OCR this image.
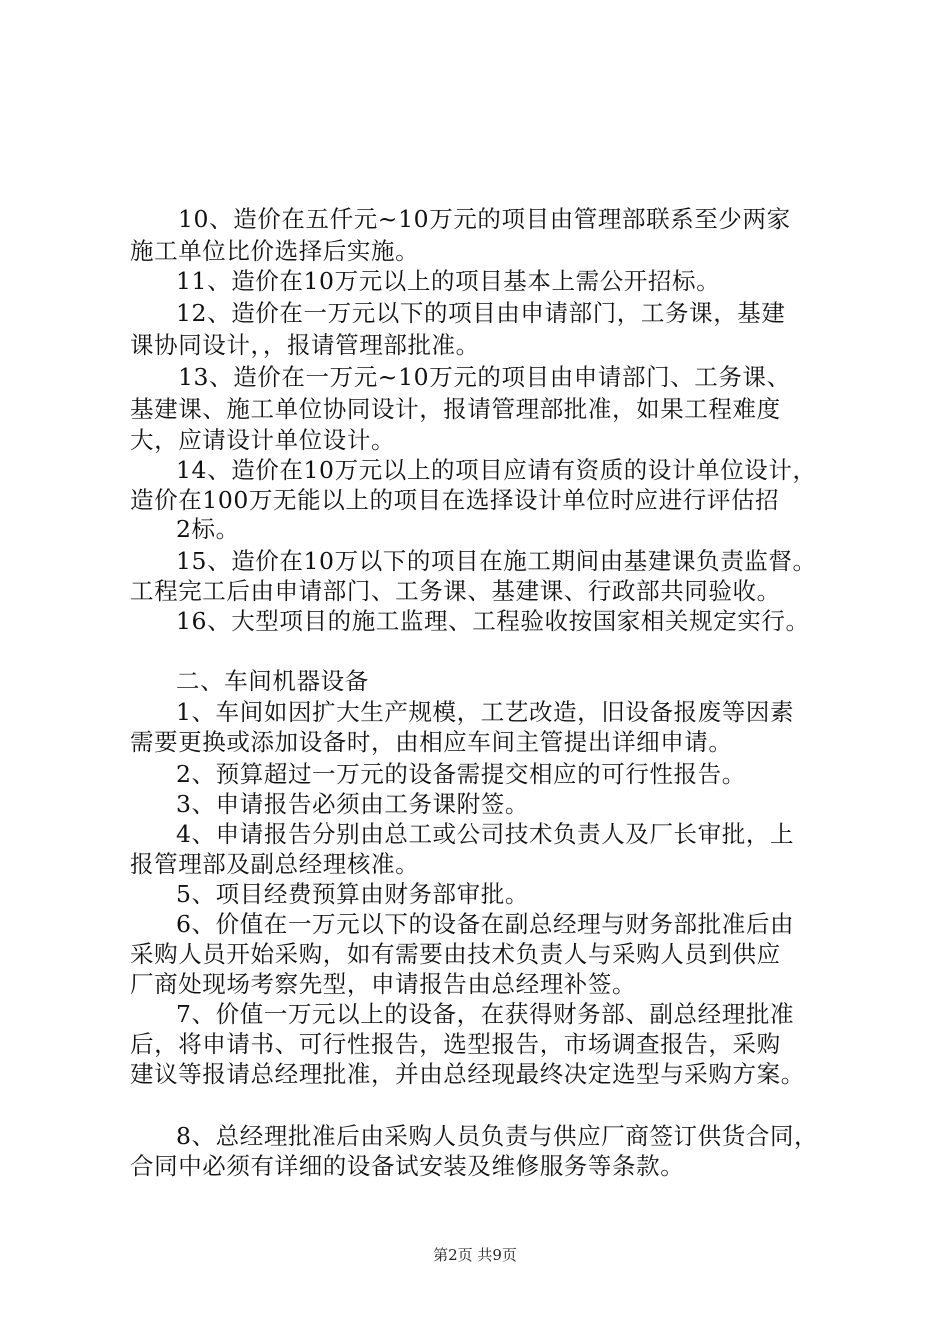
10、造价在五仟元~10万元的项目由管理部联系至少两家
施工单位比价选择后实施。
11、造价在10万元以上的项目基本上需公开招标。
12、造价在一万元以下的项目由申请部门，工务课，基建
课协同设计，，报请管理部批准。
13、造价在一万元~10万元的项目由申请部门、工务课、
基建课、施工单位协同设计，报请管理部批准，如果工程难度
大，应请设计单位设计。
14、造价在10万元以上的项目应请有资质的设计单位设计，
造价在100万无能以上的项目在选择设计单位时应进行评估招
2标。
15、造价在10万以下的项目在施工期间由基建课负责监督。
工程完工后由申请部门、工务课、基建课、行政部共同验收。
16、大型项目的施工监理、工程验收按国家相关规定实行。
二、车间机器设备
1、车间如因扩大生产规模，工艺改造，旧设备报废等因素
需要更换或添加设备时，由相应车间主管提出详细申请。
2、预算超过一万元的设备需提交相应的可行性报告。
3、申请报告必须由工务课附签。
4、申请报告分别由总工或公司技术负责人及厂长审批，上
报管理部及副总经理核准。
5、项目经费预算由财务部审批。
6、价值在一万元以下的设备在副总经理与财务部批准后由
采购人员开始采购，如有需要由技术负责人与采购人员到供应
厂商处现场考察先型，申请报告由总经理补签。
7、价值一万元以上的设备，在获得财务部、副总经理批准
后，将申请书、可行性报告，选型报告，市场调查报告，采购
建议等报请总经理批准，并由总经现最终决定选型与采购方案。
8、总经理批准后由采购人员负责与供应厂商签订供货合同，
合同中必须有详细的设备试安装及维修服务等条款。
第2页 共9页
